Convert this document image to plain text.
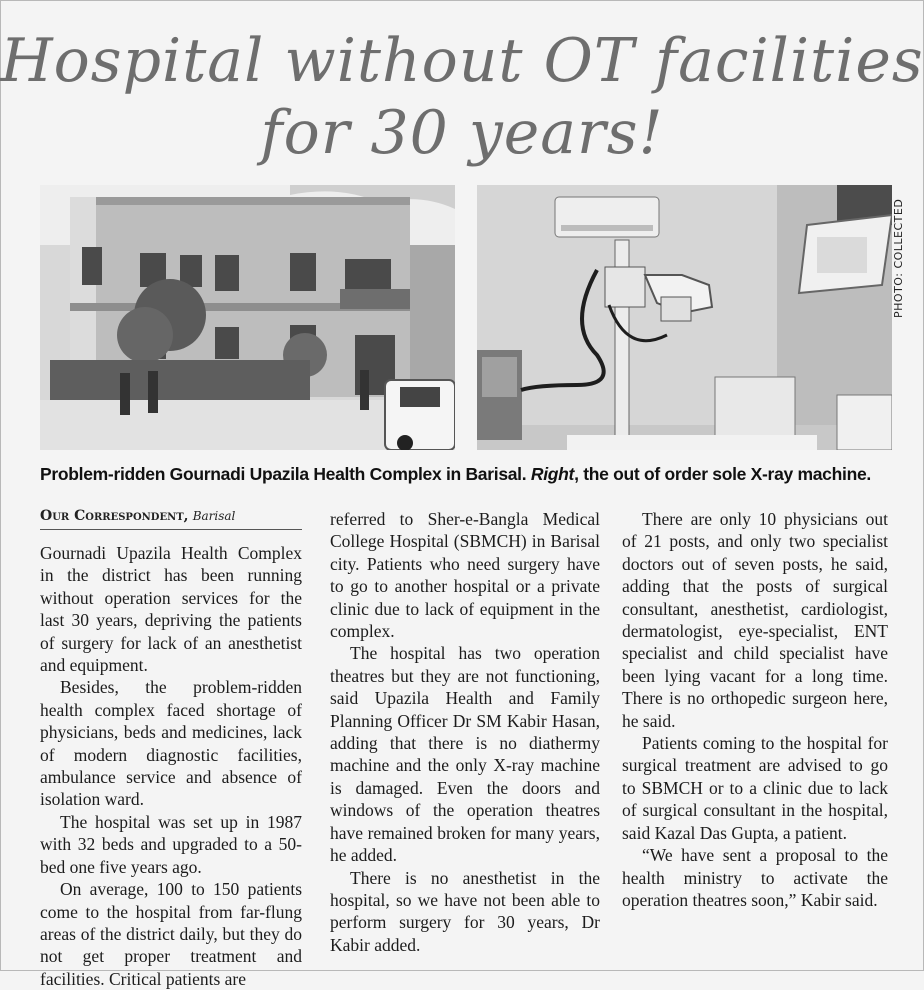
Hospital without OT facilities
for 30 years!
PHOTO: COLLECTED
Problem-ridden Gournadi Upazila Health Complex in Barisal. Right, the out of order sole X-ray machine.
Our Correspondent, Barisal

Gournadi Upazila Health Complex in the district has been running without operation services for the last 30 years, depriving the patients of surgery for lack of an anesthetist and equipment.

Besides, the problem-ridden health complex faced shortage of physicians, beds and medicines, lack of modern diagnostic facilities, ambulance service and absence of isolation ward.

The hospital was set up in 1987 with 32 beds and upgraded to a 50-bed one five years ago.

On average, 100 to 150 patients come to the hospital from far-flung areas of the district daily, but they do not get proper treatment and facilities. Critical patients are

referred to Sher-e-Bangla Medical College Hospital (SBMCH) in Barisal city. Patients who need surgery have to go to another hospital or a private clinic due to lack of equipment in the complex.

The hospital has two operation theatres but they are not functioning, said Upazila Health and Family Planning Officer Dr SM Kabir Hasan, adding that there is no diathermy machine and the only X-ray machine is damaged. Even the doors and windows of the operation theatres have remained broken for many years, he added.

There is no anesthetist in the hospital, so we have not been able to perform surgery for 30 years, Dr Kabir added.

There are only 10 physicians out of 21 posts, and only two specialist doctors out of seven posts, he said, adding that the posts of surgical consultant, anesthetist, cardiologist, dermatologist, eye-specialist, ENT specialist and child specialist have been lying vacant for a long time. There is no orthopedic surgeon here, he said.

Patients coming to the hospital for surgical treatment are advised to go to SBMCH or to a clinic due to lack of surgical consultant in the hospital, said Kazal Das Gupta, a patient.

“We have sent a proposal to the health ministry to activate the operation theatres soon,” Kabir said.
